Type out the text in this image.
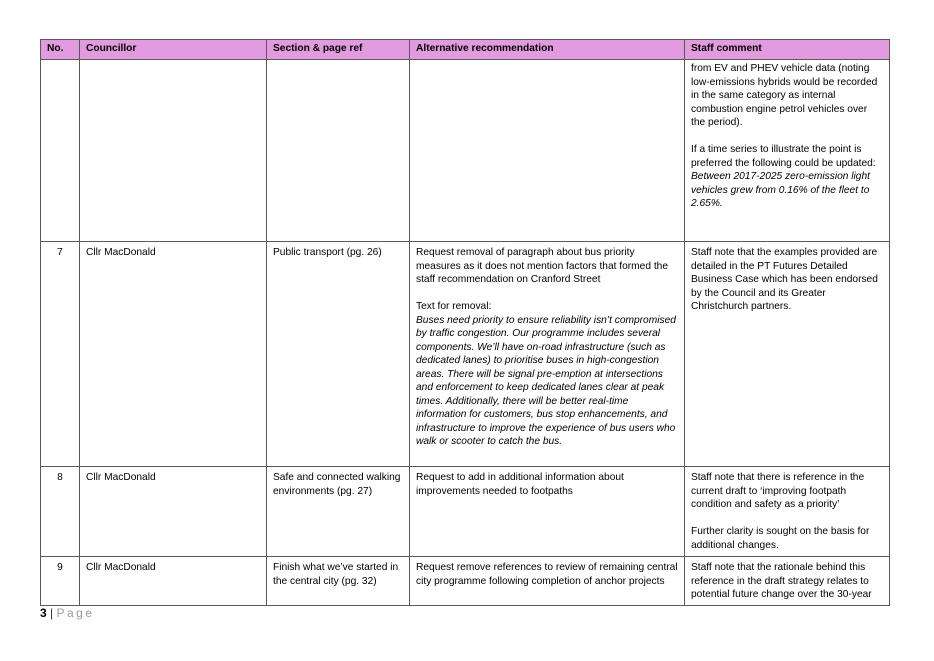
No.	Councillor	Section & page ref	Alternative recommendation	Staff comment

				from EV and PHEV vehicle data (noting low-emissions hybrids would be recorded in the same category as internal combustion engine petrol vehicles over the period).
If a time series to illustrate the point is preferred the following could be updated:
Between 2017-2025 zero-emission light vehicles grew from 0.16% of the fleet to 2.65%.

7	Cllr MacDonald	Public transport (pg. 26)	Request removal of paragraph about bus priority measures as it does not mention factors that formed the staff recommendation on Cranford Street
Text for removal:
Buses need priority to ensure reliability isn’t compromised by traffic congestion. Our programme includes several components. We’ll have on-road infrastructure (such as dedicated lanes) to prioritise buses in high-congestion areas. There will be signal pre-emption at intersections and enforcement to keep dedicated lanes clear at peak times. Additionally, there will be better real-time information for customers, bus stop enhancements, and infrastructure to improve the experience of bus users who walk or scooter to catch the bus.	Staff note that the examples provided are detailed in the PT Futures Detailed Business Case which has been endorsed by the Council and its Greater Christchurch partners.
8	Cllr MacDonald	Safe and connected walking environments (pg. 27)	Request to add in additional information about improvements needed to footpaths	Staff note that there is reference in the current draft to ‘improving footpath condition and safety as a priority’
Further clarity is sought on the basis for additional changes.

9	Cllr MacDonald	Finish what we’ve started in the central city (pg. 32)	Request remove references to review of remaining central city programme following completion of anchor projects	Staff note that the rationale behind this reference in the draft strategy relates to potential future change over the 30-year
3 | Page
